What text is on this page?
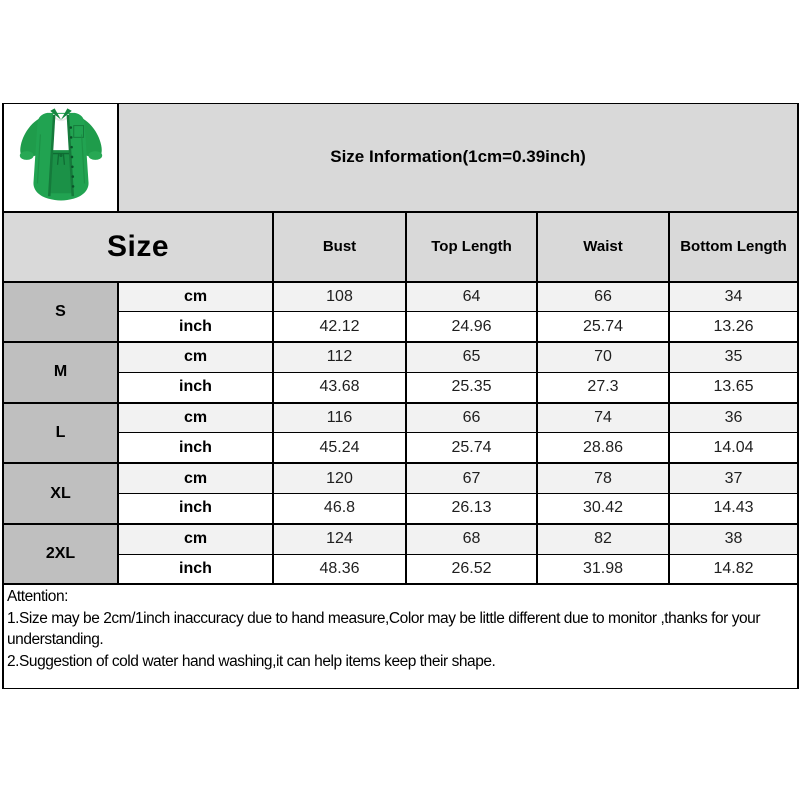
	Size Information(1cm=0.39inch)				
Size		Bust	Top Length	Waist	Bottom Length
S	cm	108	64	66	34
	inch	42.12	24.96	25.74	13.26
M	cm	112	65	70	35
	inch	43.68	25.35	27.3	13.65
L	cm	116	66	74	36
	inch	45.24	25.74	28.86	14.04
XL	cm	120	67	78	37
	inch	46.8	26.13	30.42	14.43
2XL	cm	124	68	82	38
	inch	48.36	26.52	31.98	14.82

Attention:
1.Size may be 2cm/1inch inaccuracy due to hand measure,Color may be little different due to monitor ,thanks for your
understanding.
2.Suggestion of cold water hand washing,it can help items keep their shape.					
